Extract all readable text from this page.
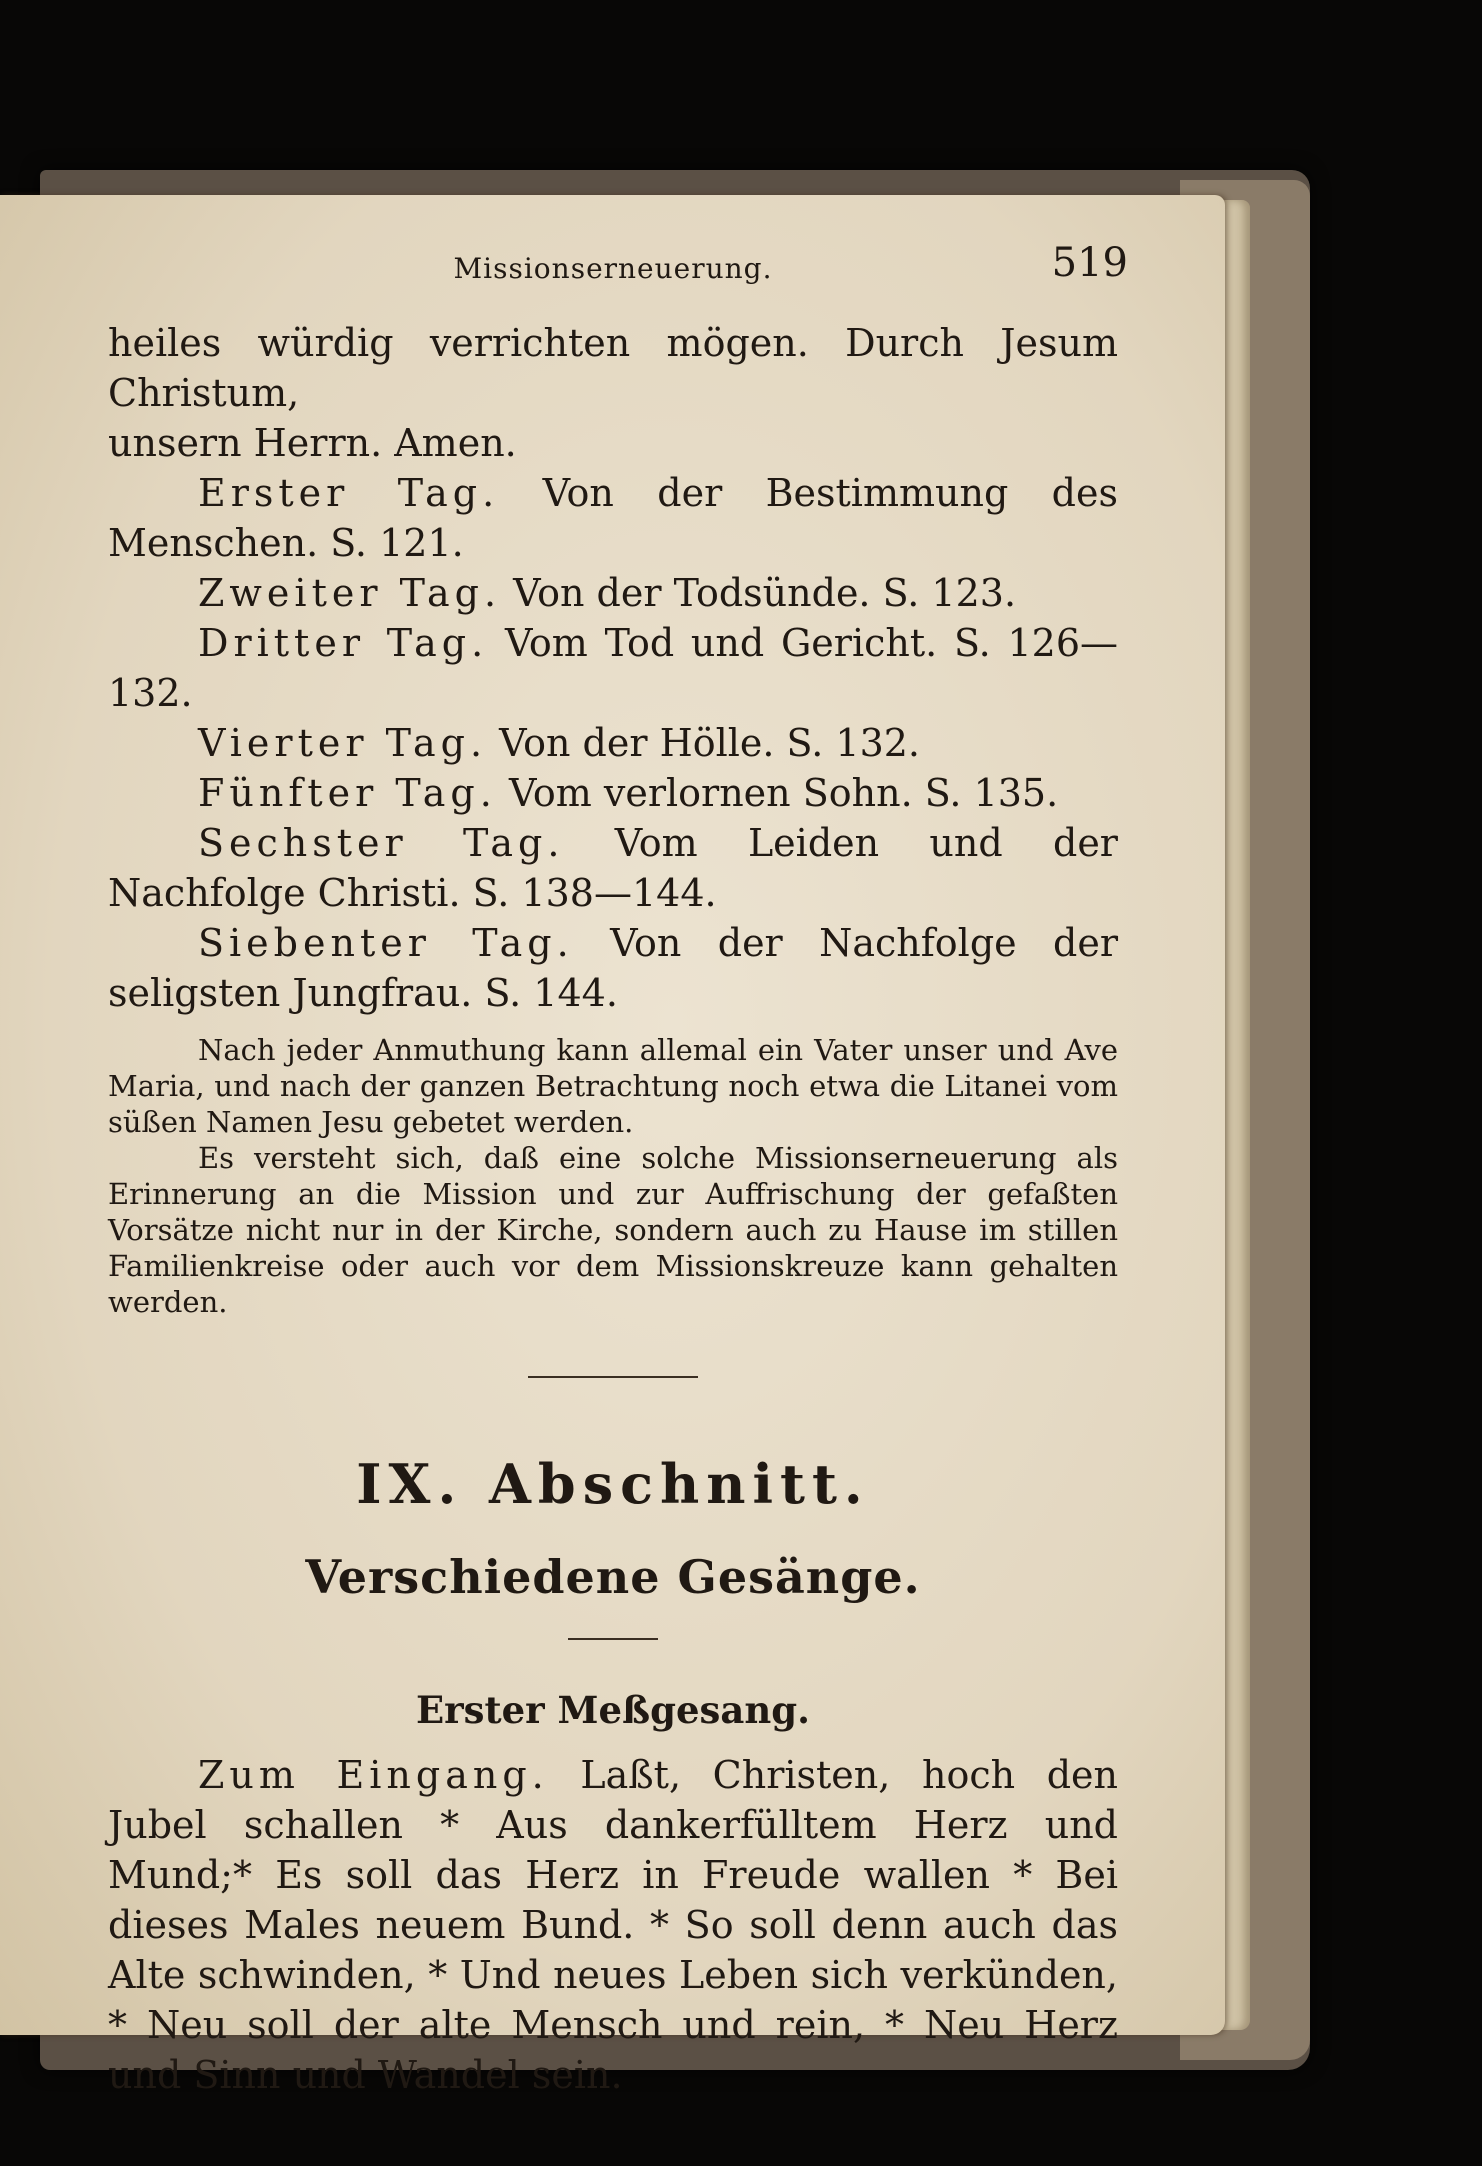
Missionserneuerung.	519

heiles würdig verrichten mögen. Durch Jesum Christum,

unsern Herrn. Amen.

Erster Tag. Von der Bestimmung des Menschen. S. 121.

Zweiter Tag. Von der Todsünde. S. 123.

Dritter Tag. Vom Tod und Gericht. S. 126—132.

Vierter Tag. Von der Hölle. S. 132.

Fünfter Tag. Vom verlornen Sohn. S. 135.

Sechster Tag. Vom Leiden und der Nachfolge Christi. S. 138—144.

Siebenter Tag. Von der Nachfolge der seligsten Jungfrau. S. 144.

Nach jeder Anmuthung kann allemal ein Vater unser und Ave Maria, und nach der ganzen Betrachtung noch etwa die Litanei vom süßen Namen Jesu gebetet werden.

Es versteht sich, daß eine solche Missionserneuerung als Erinnerung an die Mission und zur Auffrischung der gefaßten Vorsätze nicht nur in der Kirche, sondern auch zu Hause im stillen Familienkreise oder auch vor dem Missionskreuze kann gehalten werden.

IX. Abschnitt.
Verschiedene Gesänge.
Erster Meßgesang.

Zum Eingang. Laßt, Christen, hoch den Jubel schallen * Aus dankerfülltem Herz und Mund;* Es soll das Herz in Freude wallen * Bei dieses Males neuem Bund. * So soll denn auch das Alte schwinden, * Und neues Leben sich verkünden, * Neu soll der alte Mensch und rein, * Neu Herz und Sinn und Wandel sein.
